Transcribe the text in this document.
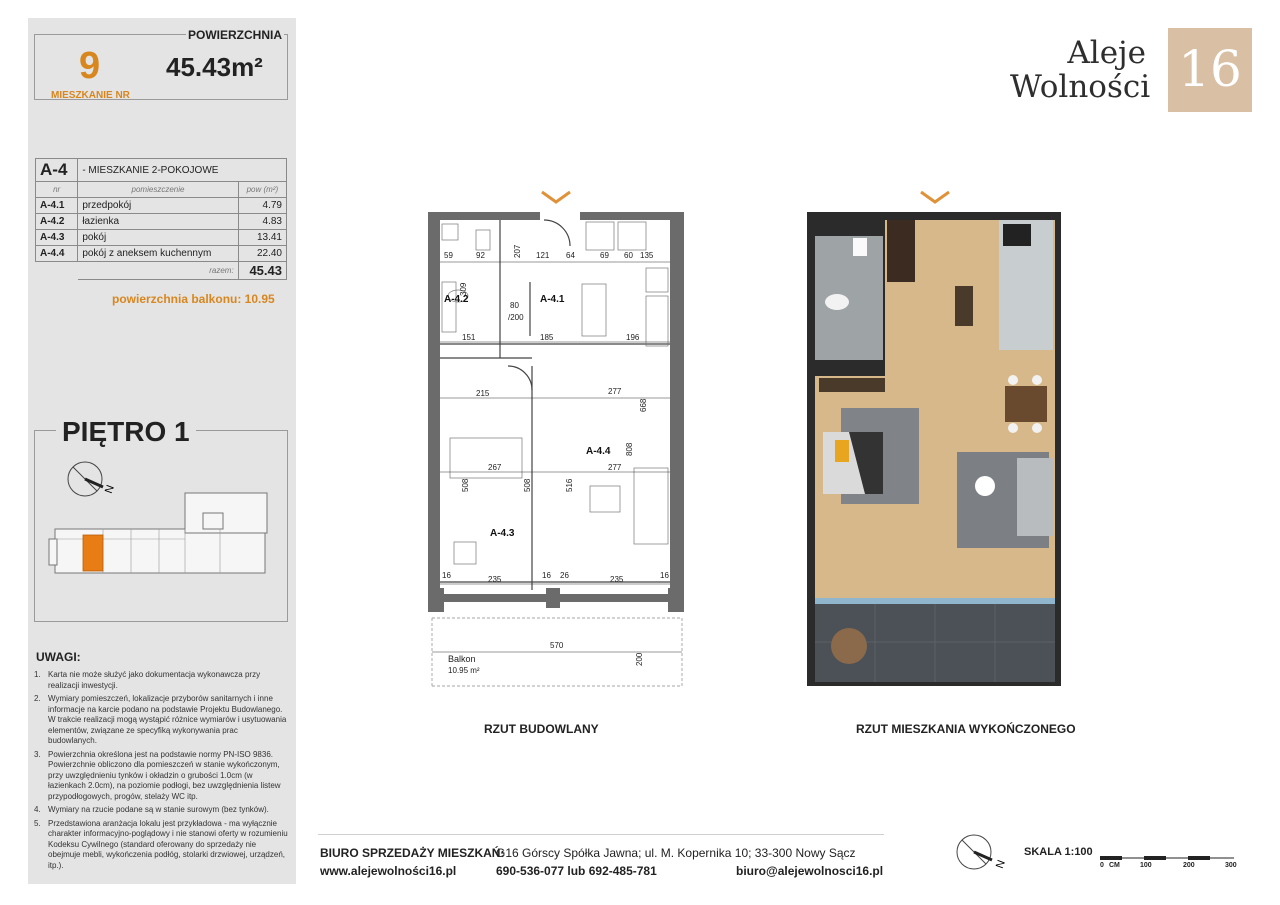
9
MIESZKANIE NR
POWIERZCHNIA
45.43m²
A-4	- MIESZKANIE 2-POKOJOWE	
nr	pomieszczenie	pow (m²)
A-4.1	przedpokój	4.79
A-4.2	łazienka	4.83
A-4.3	pokój	13.41
A-4.4	pokój z aneksem kuchennym	22.40
	razem:	45.43
powierzchnia balkonu: 10.95
N
PIĘTRO 1
UWAGI:
1. Karta nie może służyć jako dokumentacja wykonawcza przy realizacji inwestycji.
2. Wymiary pomieszczeń, lokalizacje przyborów sanitarnych i inne informacje na karcie podano na podstawie Projektu Budowlanego. W trakcie realizacji mogą wystąpić różnice wymiarów i usytuowania elementów, związane ze specyfiką wykonywania prac budowlanych.
3. Powierzchnia określona jest na podstawie normy PN-ISO 9836. Powierzchnie obliczono dla pomieszczeń w stanie wykończonym, przy uwzględnieniu tynków i okładzin o grubości 1.0cm (w łazienkach 2.0cm), na poziomie podłogi, bez uwzględnienia listew przypodłogowych, progów, stelaży WC itp.
4. Wymiary na rzucie podane są w stanie surowym (bez tynków).
5. Przedstawiona aranżacja lokalu jest przykładowa - ma wyłącznie charakter informacyjno-poglądowy i nie stanowi oferty w rozumieniu Kodeksu Cywilnego (standard oferowany do sprzedaży nie obejmuje mebli, wykończenia podłóg, stolarki drzwiowej, urządzeń, itp.).
Aleje
Wolności 16
59	92	207 121 64	69 60 135
309
151	185	196
215	277
668
808
267	277
508	508	516
16	235	16 26	235	16
570
200
80
/200
A-4.1
A-4.2
A-4.3
A-4.4
Balkon
10.95 m²
RZUT BUDOWLANY	RZUT MIESZKANIA WYKOŃCZONEGO
BIURO SPRZEDAŻY MIESZKAŃ:
www.alejewolności16.pl
G16 Górscy Spółka Jawna; ul. M. Kopernika 10; 33-300 Nowy Sącz
690-536-077 lub 692-485-781	biuro@alejewolnosci16.pl	N
SKALA 1:100
0 CM	100	200	300
